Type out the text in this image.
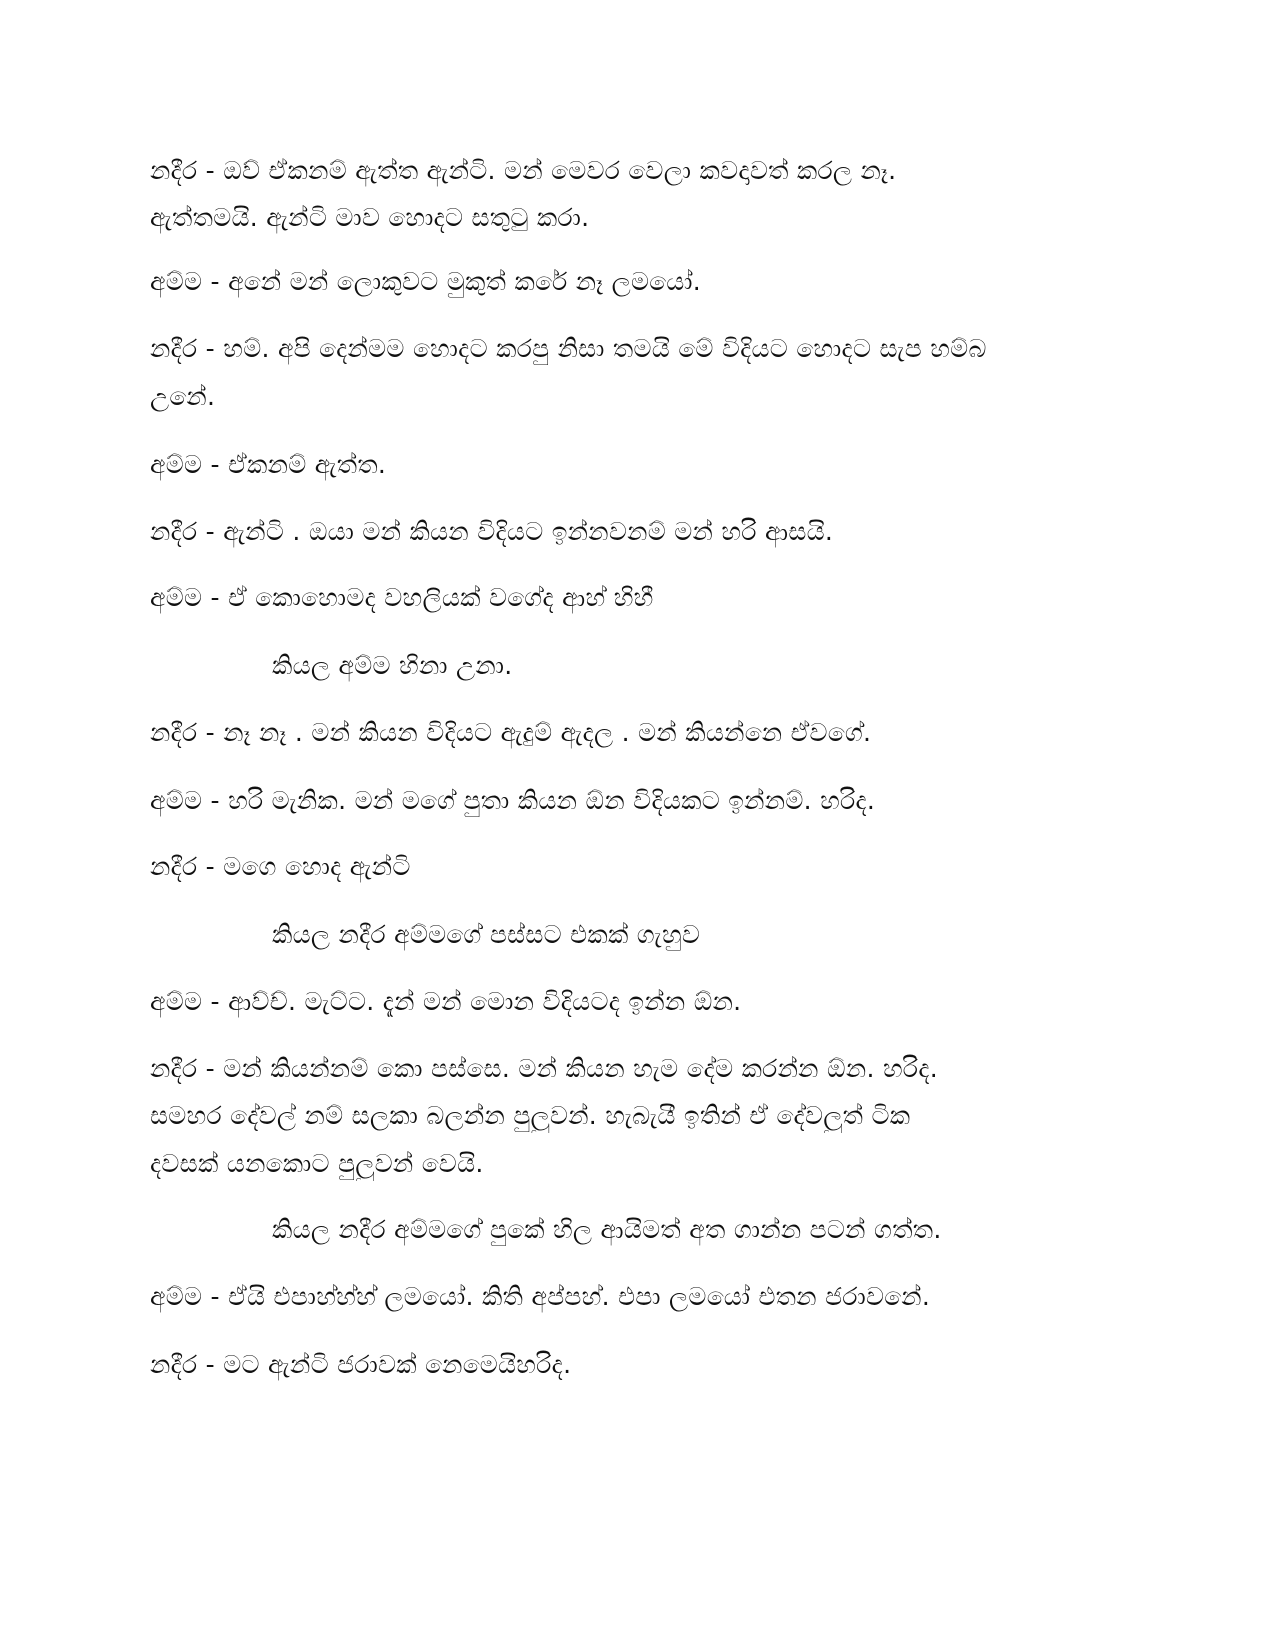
නදීර - ඔව් ඒකනම් ඇත්ත ඇන්ටි. මන් මෙවර වෙලා කවදාවත් කරල නෑ.
ඇත්තමයි. ඇන්ටි මාව හොදට සතුටු කරා.
අම්ම - අනේ මන් ලොකුවට මුකුත් කරේ නෑ ලමයෝ.
නදීර - හම්. අපි දෙන්මම හොදට කරපු නිසා තමයි මේ විදියට හොදට සැප හම්බ
උනේ.
අම්ම - ඒකනම් ඇත්ත.
නදීර - ඇන්ටි . ඔයා මන් කියන විදියට ඉන්නවනම් මන් හරි ආසයි.
අම්ම - ඒ කොහොමද වහලියක් වගේද ආහ් හිහී
කියල අම්ම හිනා උනා.
නදීර - නෑ නෑ . මන් කියන විදියට ඇදුම් ඇදල . මන් කියන්නෙ ඒවගේ.
අම්ම - හරි මැනික. මන් මගේ පුතා කියන ඕන විදියකට ඉන්නම්. හරිද.
නදීර - මගෙ හොද ඇන්ටි
කියල නදීර අම්මගේ පස්සට එකක් ගැහුව
අම්ම - ආව්ච්. මැට්ට. දැන් මන් මොන විදියටද ඉන්න ඕන.
නදීර - මන් කියන්නම් කො පස්සෙ. මන් කියන හැම දේම කරන්න ඕන. හරිද.
සමහර දේවල් නම් සලකා බලන්න පුලුවන්. හැබැයී ඉතින් ඒ දේවලුත් ටික
දවසක් යනකොට පුලුවන් වෙයි.
කියල නදීර අම්මගේ පුකේ හිල ආයිමත් අත ගාන්න පටන් ගත්ත.
අම්ම - ඒයි එපාහ්හ්හ් ලමයෝ. කිති අප්පහ්. එපා ලමයෝ එතන ජරාවනේ.
නදීර - මට ඇන්ටි ජරාවක් නෙමෙයිහරිද.
